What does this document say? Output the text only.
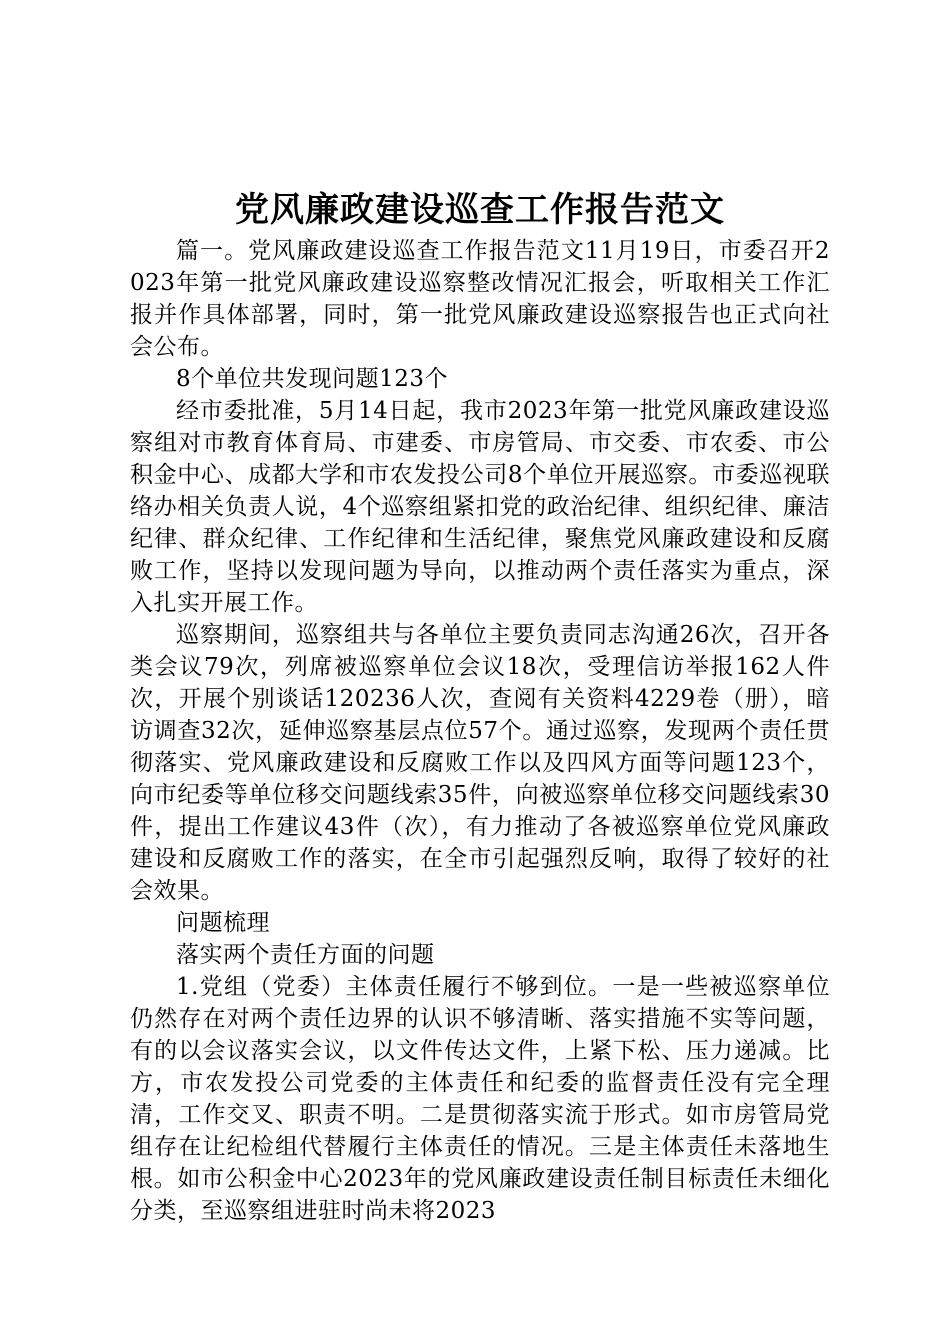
党风廉政建设巡查工作报告范文

篇一。党风廉政建设巡查工作报告范文11月19日，市委召开2023年第一批党风廉政建设巡察整改情况汇报会，听取相关工作汇报并作具体部署，同时，第一批党风廉政建设巡察报告也正式向社会公布。

8个单位共发现问题123个

经市委批准，5月14日起，我市2023年第一批党风廉政建设巡察组对市教育体育局、市建委、市房管局、市交委、市农委、市公积金中心、成都大学和市农发投公司8个单位开展巡察。市委巡视联络办相关负责人说，4个巡察组紧扣党的政治纪律、组织纪律、廉洁纪律、群众纪律、工作纪律和生活纪律，聚焦党风廉政建设和反腐败工作，坚持以发现问题为导向，以推动两个责任落实为重点，深入扎实开展工作。

巡察期间，巡察组共与各单位主要负责同志沟通26次，召开各类会议79次，列席被巡察单位会议18次，受理信访举报162人件次，开展个别谈话120236人次，查阅有关资料4229卷（册），暗访调查32次，延伸巡察基层点位57个。通过巡察，发现两个责任贯彻落实、党风廉政建设和反腐败工作以及四风方面等问题123个，向市纪委等单位移交问题线索35件，向被巡察单位移交问题线索30件，提出工作建议43件（次），有力推动了各被巡察单位党风廉政建设和反腐败工作的落实，在全市引起强烈反响，取得了较好的社会效果。

问题梳理

落实两个责任方面的问题

1.党组（党委）主体责任履行不够到位。一是一些被巡察单位仍然存在对两个责任边界的认识不够清晰、落实措施不实等问题，有的以会议落实会议，以文件传达文件，上紧下松、压力递减。比方，市农发投公司党委的主体责任和纪委的监督责任没有完全理清，工作交叉、职责不明。二是贯彻落实流于形式。如市房管局党组存在让纪检组代替履行主体责任的情况。三是主体责任未落地生根。如市公积金中心2023年的党风廉政建设责任制目标责任未细化分类，至巡察组进驻时尚未将2023
